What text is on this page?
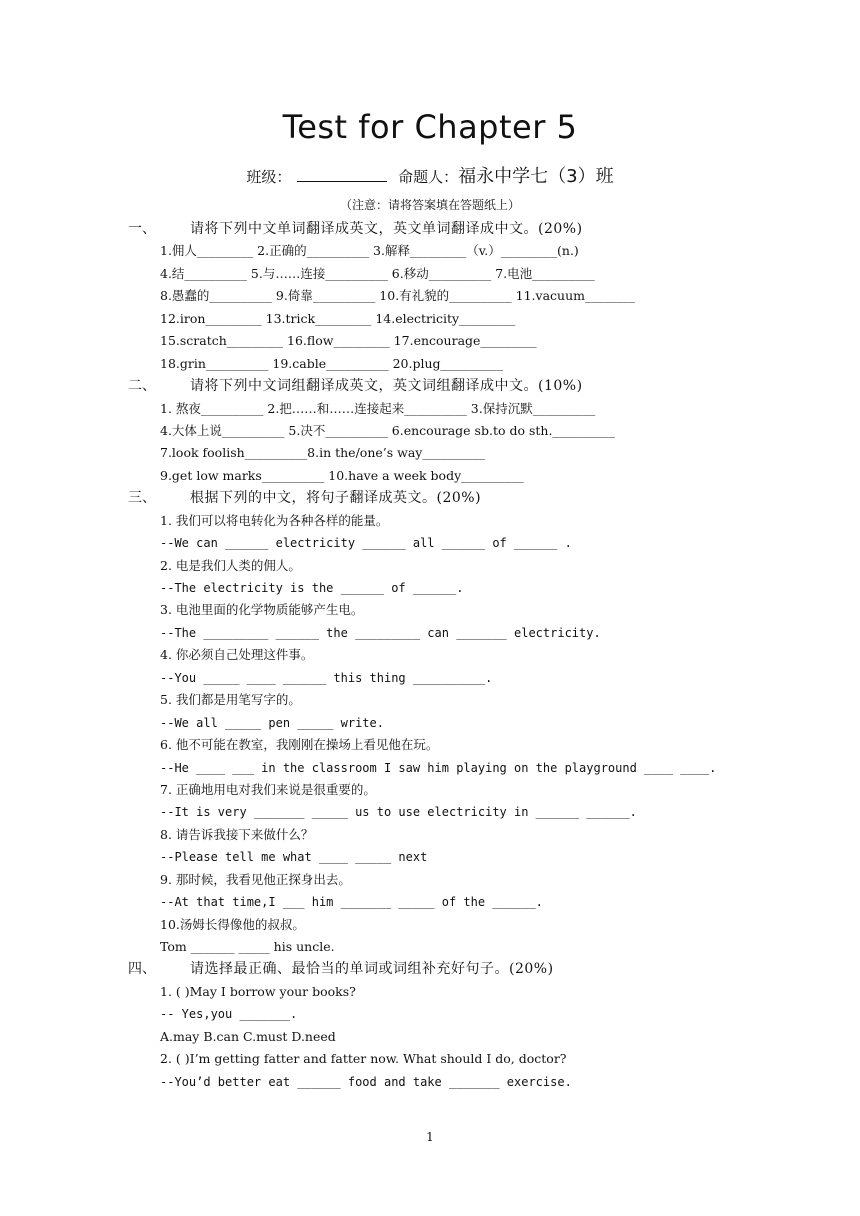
Test for Chapter 5
班级：	命题人：福永中学七（3）班
（注意：请将答案填在答题纸上）
一、	请将下列中文单词翻译成英文，英文单词翻译成中文。(20%)
1.佣人_________ 2.正确的__________ 3.解释_________（v.）_________(n.)
4.结__________ 5.与……连接__________ 6.移动__________ 7.电池__________
8.愚蠢的__________ 9.倚靠__________ 10.有礼貌的__________ 11.vacuum________
12.iron_________ 13.trick_________ 14.electricity_________
15.scratch_________ 16.flow_________ 17.encourage_________
18.grin__________ 19.cable__________ 20.plug__________
二、	请将下列中文词组翻译成英文，英文词组翻译成中文。(10%)
1. 熬夜__________ 2.把……和……连接起来__________ 3.保持沉默__________
4.大体上说__________ 5.决不__________ 6.encourage sb.to do sth.__________
7.look foolish__________8.in the/one’s way__________
9.get low marks__________ 10.have a week body__________
三、	根据下列的中文，将句子翻译成英文。(20%)
1. 我们可以将电转化为各种各样的能量。
--We can ______ electricity ______ all ______ of ______ .
2. 电是我们人类的佣人。
--The electricity is the ______ of ______.
3. 电池里面的化学物质能够产生电。
--The _________ ______ the _________ can _______ electricity.
4. 你必须自己处理这件事。
--You _____ ____ ______ this thing __________.
5. 我们都是用笔写字的。
--We all _____ pen _____ write.
6. 他不可能在教室，我刚刚在操场上看见他在玩。
--He ____ ___ in the classroom I saw him playing on the playground ____ ____.
7. 正确地用电对我们来说是很重要的。
--It is very _______ _____ us to use electricity in ______ ______.
8. 请告诉我接下来做什么？
--Please tell me what ____ _____ next
9. 那时候，我看见他正探身出去。
--At that time,I ___ him _______ _____ of the ______.
10.汤姆长得像他的叔叔。
Tom _______ _____ his uncle.
四、	请选择最正确、最恰当的单词或词组补充好句子。(20%)
1. ( )May I borrow your books?
-- Yes,you _______.
A.may B.can C.must D.need
2. ( )I’m getting fatter and fatter now. What should I do, doctor?
--You’d better eat ______ food and take _______ exercise.
1
